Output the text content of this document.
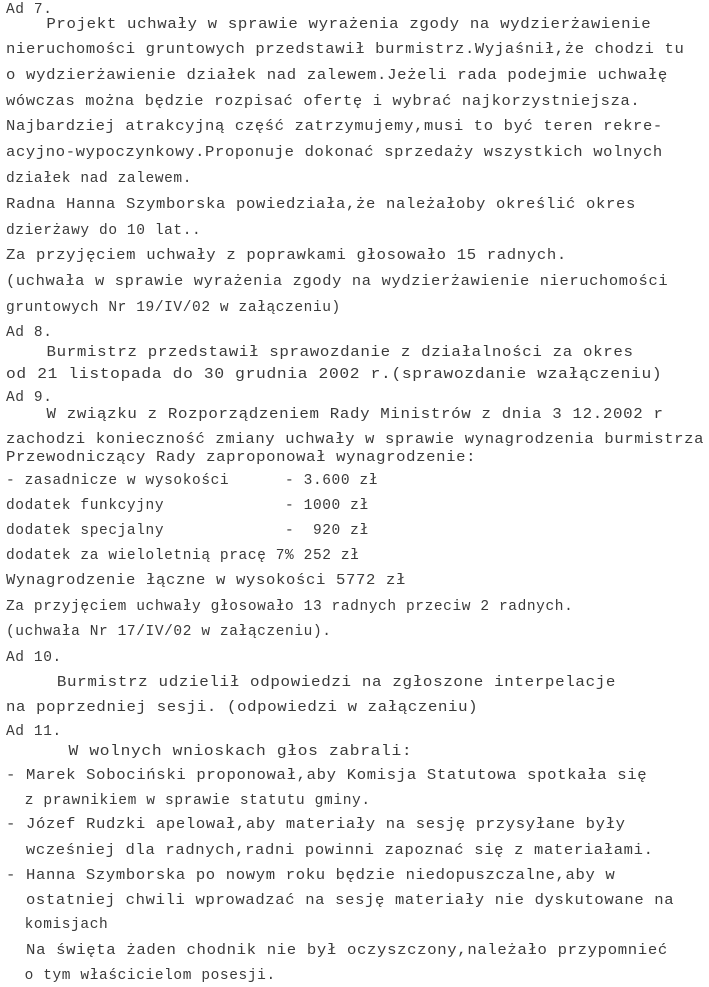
Ad 7.
Projekt uchwały w sprawie wyrażenia zgody na wydzierżawienie
nieruchomości gruntowych przedstawił burmistrz.Wyjaśnił,że chodzi tu
o wydzierżawienie działek nad zalewem.Jeżeli rada podejmie uchwałę
wówczas można będzie rozpisać ofertę i wybrać najkorzystniejsza.
Najbardziej atrakcyjną część zatrzymujemy,musi to być teren rekre-
acyjno-wypoczynkowy.Proponuje dokonać sprzedaży wszystkich wolnych
działek nad zalewem.
Radna Hanna Szymborska powiedziała,że należałoby określić okres
dzierżawy do 10 lat..
Za przyjęciem uchwały z poprawkami głosowało 15 radnych.
(uchwała w sprawie wyrażenia zgody na wydzierżawienie nieruchomości
gruntowych Nr 19/IV/02 w załączeniu)
Ad 8.
Burmistrz przedstawił sprawozdanie z działalności za okres
od 21 listopada do 30 grudnia 2002 r.(sprawozdanie wzałączeniu)
Ad 9.
W związku z Rozporządzeniem Rady Ministrów z dnia 3 12.2002 r
zachodzi konieczność zmiany uchwały w sprawie wynagrodzenia burmistrza
Przewodniczący Rady zaproponował wynagrodzenie:
- zasadnicze w wysokości      - 3.600 zł
dodatek funkcyjny             - 1000 zł
dodatek specjalny             -  920 zł
dodatek za wieloletnią pracę 7% 252 zł
Wynagrodzenie łączne w wysokości 5772 zł
Za przyjęciem uchwały głosowało 13 radnych przeciw 2 radnych.
(uchwała Nr 17/IV/02 w załączeniu).
Ad 10.
Burmistrz udzielił odpowiedzi na zgłoszone interpelacje
na poprzedniej sesji. (odpowiedzi w załączeniu)
Ad 11.
W wolnych wnioskach głos zabrali:
- Marek Sobociński proponował,aby Komisja Statutowa spotkała się
z prawnikiem w sprawie statutu gminy.
- Józef Rudzki apelował,aby materiały na sesję przysyłane były
wcześniej dla radnych,radni powinni zapoznać się z materiałami.
- Hanna Szymborska po nowym roku będzie niedopuszczalne,aby w
ostatniej chwili wprowadzać na sesję materiały nie dyskutowane na
komisjach
Na święta żaden chodnik nie był oczyszczony,należało przypomnieć
o tym właścicielom posesji.
